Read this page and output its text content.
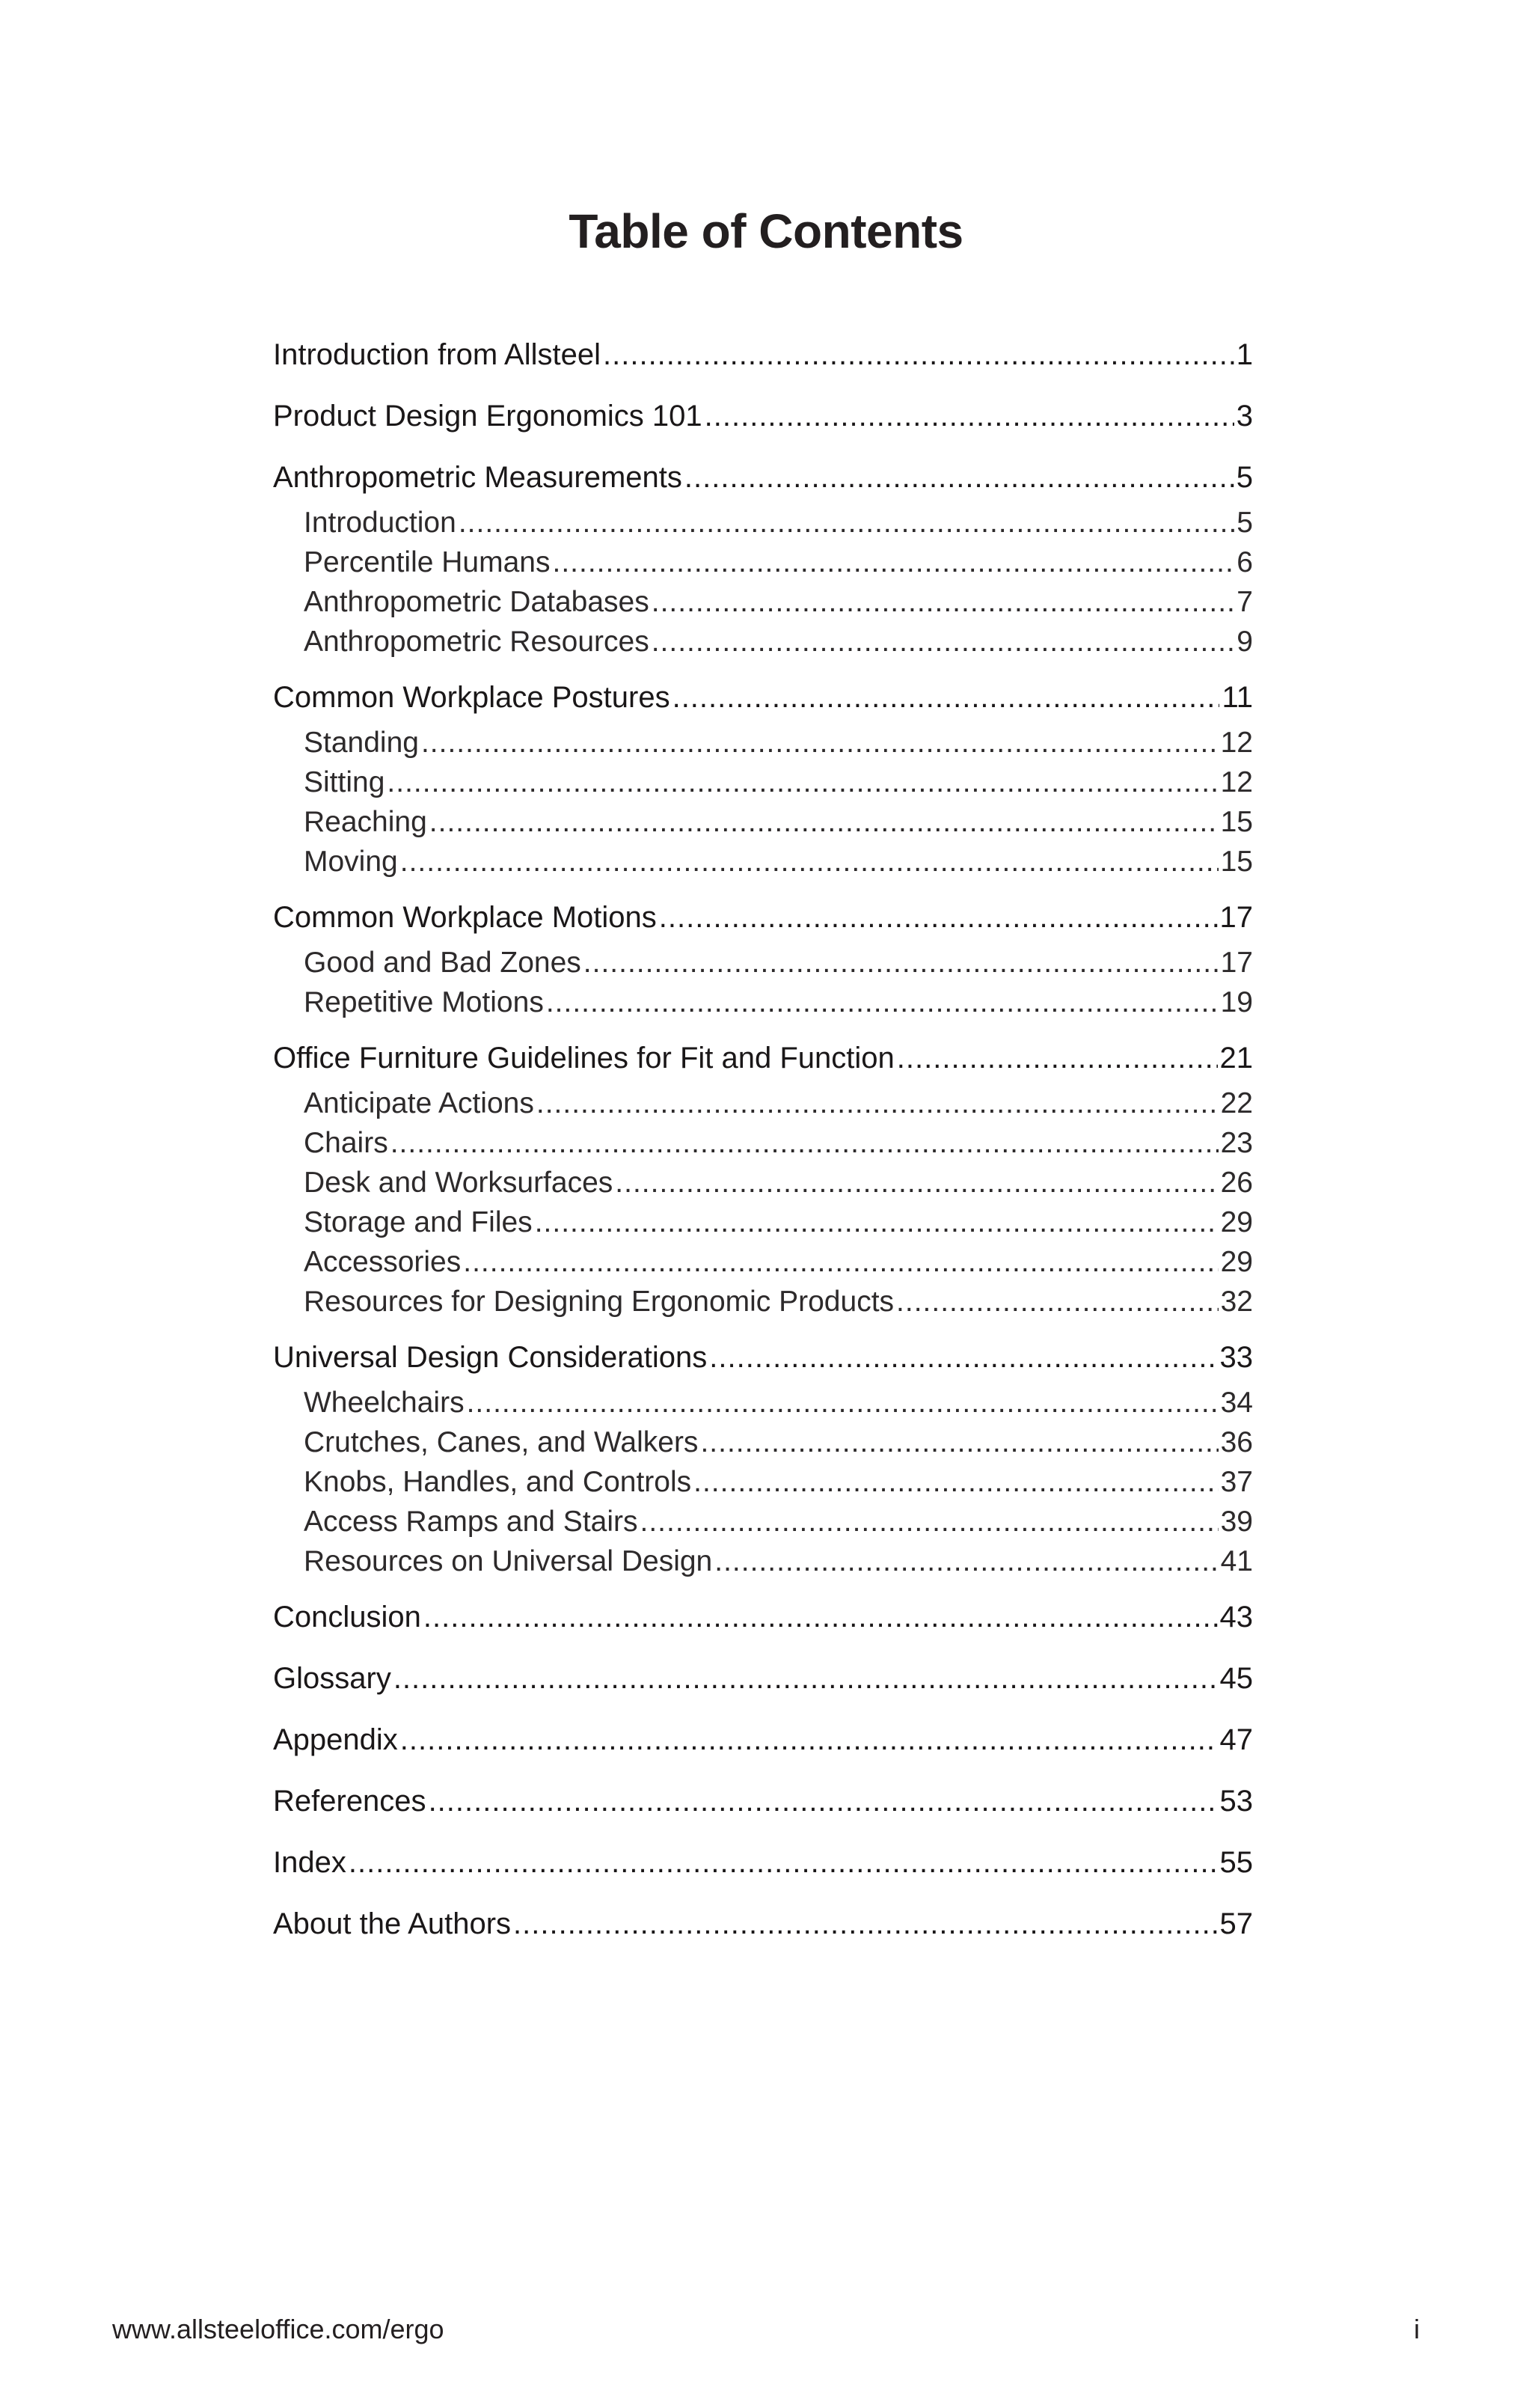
Table of Contents
Introduction from Allsteel .....	1
Product Design Ergonomics 101 .....	3
Anthropometric Measurements .....	5
Introduction .....	5
Percentile Humans .....	6
Anthropometric Databases .....	7
Anthropometric Resources .....	9
Common Workplace Postures .....	11
Standing .....	12
Sitting .....	12
Reaching .....	15
Moving .....	15
Common Workplace Motions .....	17
Good and Bad Zones .....	17
Repetitive Motions .....	19
Office Furniture Guidelines for Fit and Function .....	21
Anticipate Actions .....	22
Chairs .....	23
Desk and Worksurfaces .....	26
Storage and Files .....	29
Accessories .....	29
Resources for Designing Ergonomic Products .....	32
Universal Design Considerations .....	33
Wheelchairs .....	34
Crutches, Canes, and Walkers .....	36
Knobs, Handles, and Controls .....	37
Access Ramps and Stairs .....	39
Resources on Universal Design .....	41
Conclusion .....	43
Glossary .....	45
Appendix .....	47
References .....	53
Index .....	55
About the Authors .....	57
www.allsteeloffice.com/ergo	i
